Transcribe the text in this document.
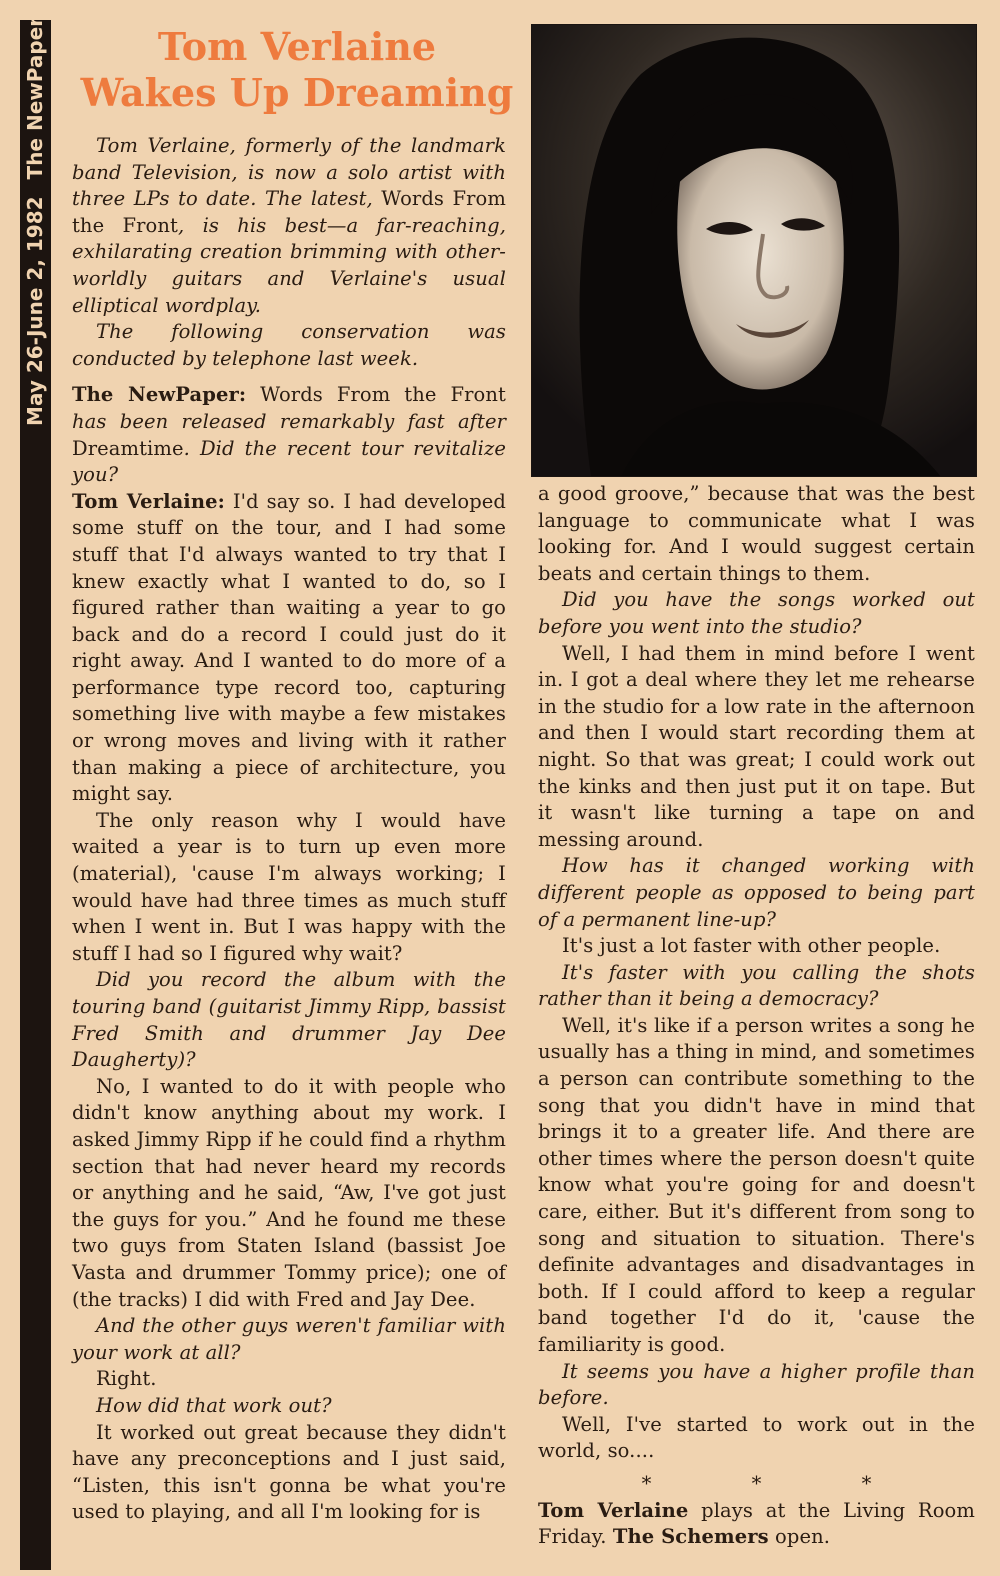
May 26-June 2, 1982 The NewPaper	Tom Verlaine
Wakes Up Dreaming

Tom Verlaine, formerly of the landmark band Television, is now a solo artist with three LPs to date. The latest, Words From the Front, is his best—a far-reaching, exhilarating creation brimming with other-worldly guitars and Verlaine's usual elliptical wordplay.

The following conservation was conducted by telephone last week.

The NewPaper: Words From the Front has been released remarkably fast after Dreamtime. Did the recent tour revitalize you?

Tom Verlaine: I'd say so. I had developed some stuff on the tour, and I had some stuff that I'd always wanted to try that I knew exactly what I wanted to do, so I figured rather than waiting a year to go back and do a record I could just do it right away. And I wanted to do more of a performance type record too, capturing something live with maybe a few mistakes or wrong moves and living with it rather than making a piece of architecture, you might say.

The only reason why I would have waited a year is to turn up even more (material), 'cause I'm always working; I would have had three times as much stuff when I went in. But I was happy with the stuff I had so I figured why wait?

Did you record the album with the touring band (guitarist Jimmy Ripp, bassist Fred Smith and drummer Jay Dee Daugherty)?

No, I wanted to do it with people who didn't know anything about my work. I asked Jimmy Ripp if he could find a rhythm section that had never heard my records or anything and he said, “Aw, I've got just the guys for you.” And he found me these two guys from Staten Island (bassist Joe Vasta and drummer Tommy price); one of (the tracks) I did with Fred and Jay Dee.

And the other guys weren't familiar with your work at all?

Right.

How did that work out?

It worked out great because they didn't have any preconceptions and I just said, “Listen, this isn't gonna be what you're used to playing, and all I'm looking for is

a good groove,” because that was the best language to communicate what I was looking for. And I would suggest certain beats and certain things to them.

Did you have the songs worked out before you went into the studio?

Well, I had them in mind before I went in. I got a deal where they let me rehearse in the studio for a low rate in the afternoon and then I would start recording them at night. So that was great; I could work out the kinks and then just put it on tape. But it wasn't like turning a tape on and messing around.

How has it changed working with different people as opposed to being part of a permanent line-up?

It's just a lot faster with other people.

It's faster with you calling the shots rather than it being a democracy?

Well, it's like if a person writes a song he usually has a thing in mind, and sometimes a person can contribute something to the song that you didn't have in mind that brings it to a greater life. And there are other times where the person doesn't quite know what you're going for and doesn't care, either. But it's different from song to song and situation to situation. There's definite advantages and disadvantages in both. If I could afford to keep a regular band together I'd do it, 'cause the familiarity is good.

It seems you have a higher profile than before.

Well, I've started to work out in the world, so....

*	*	*

Tom Verlaine plays at the Living Room Friday. The Schemers open.
